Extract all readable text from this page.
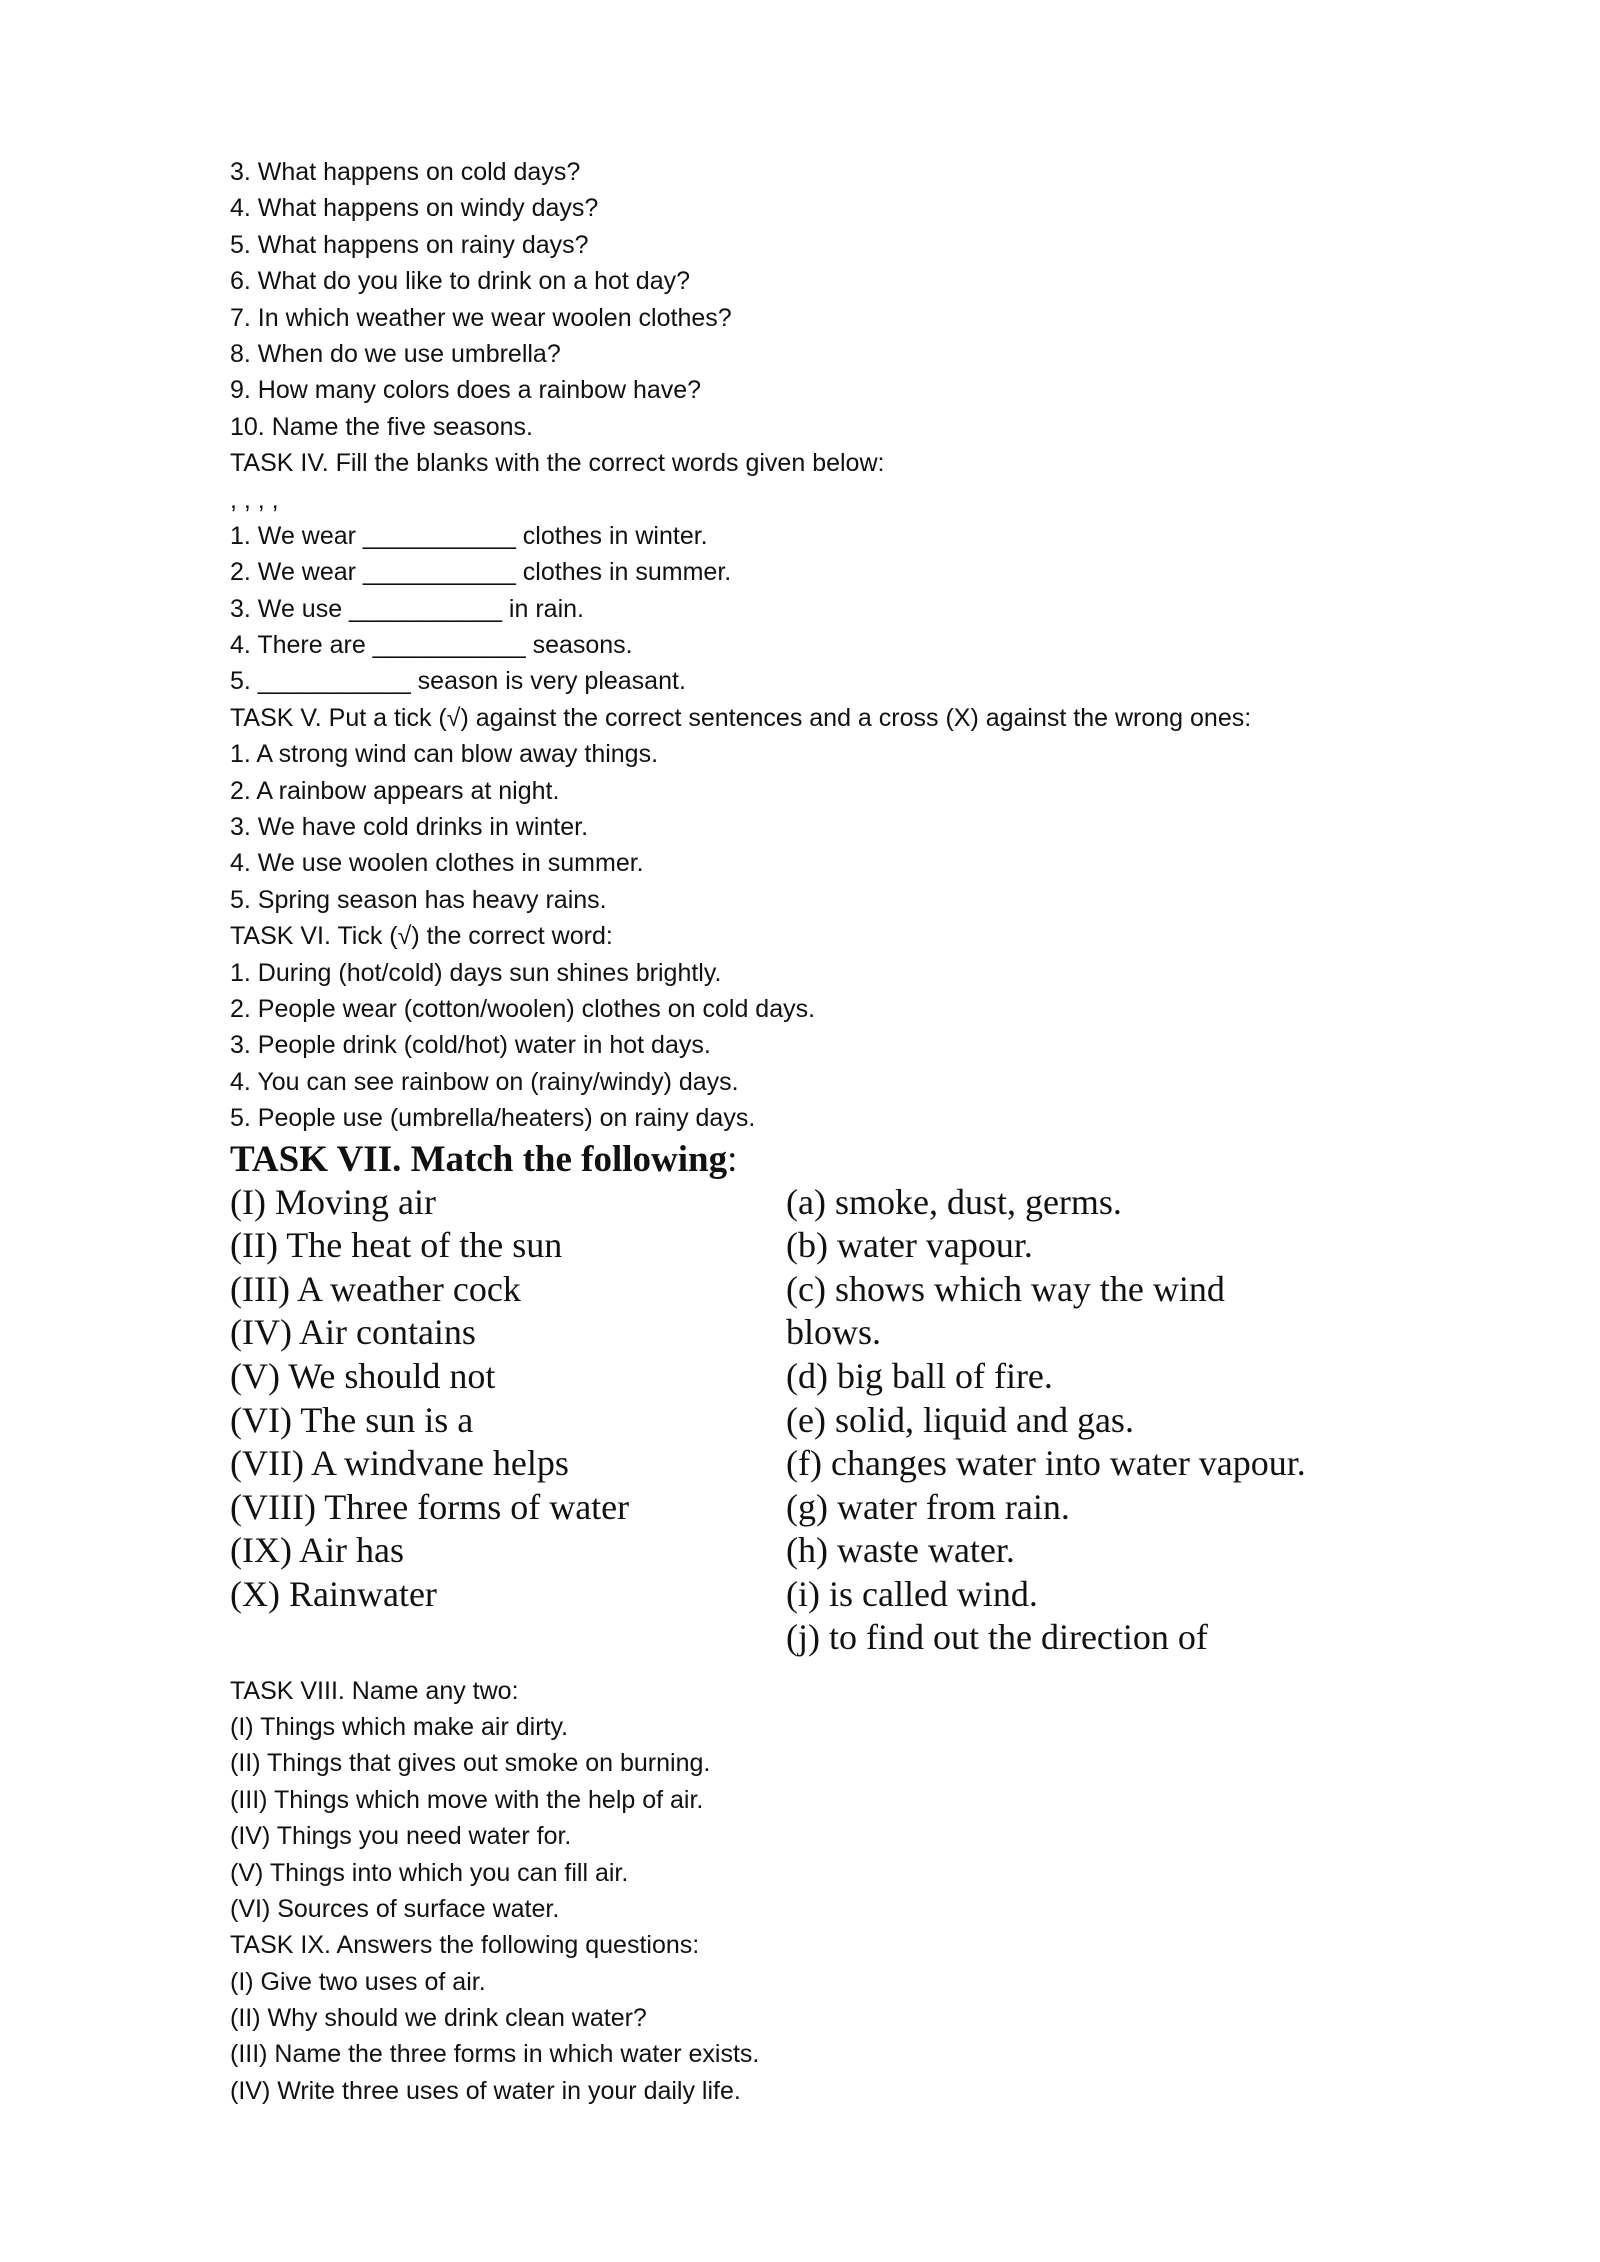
3. What happens on cold days?
4. What happens on windy days?
5. What happens on rainy days?
6. What do you like to drink on a hot day?
7. In which weather we wear woolen clothes?
8. When do we use umbrella?
9. How many colors does a rainbow have?
10. Name the five seasons.
TASK IV. Fill the blanks with the correct words given below:
, , , ,
1. We wear ___________ clothes in winter.
2. We wear ___________ clothes in summer.
3. We use ___________ in rain.
4. There are ___________ seasons.
5. ___________ season is very pleasant.
TASK V. Put a tick (√) against the correct sentences and a cross (X) against the wrong ones:
1. A strong wind can blow away things.
2. A rainbow appears at night.
3. We have cold drinks in winter.
4. We use woolen clothes in summer.
5. Spring season has heavy rains.
TASK VI. Tick (√) the correct word:
1. During (hot/cold) days sun shines brightly.
2. People wear (cotton/woolen) clothes on cold days.
3. People drink (cold/hot) water in hot days.
4. You can see rainbow on (rainy/windy) days.
5. People use (umbrella/heaters) on rainy days.
TASK VII. Match the following:
(I) Moving air
(II) The heat of the sun
(III) A weather cock
(IV) Air contains
(V) We should not
(VI) The sun is a
(VII) A windvane helps
(VIII) Three forms of water
(IX) Air has
(X) Rainwater
(a) smoke, dust, germs.
(b) water vapour.
(c) shows which way the wind
blows.
(d) big ball of fire.
(e) solid, liquid and gas.
(f) changes water into water vapour.
(g) water from rain.
(h) waste water.
(i) is called wind.
(j) to find out the direction of
TASK VIII. Name any two:
(I) Things which make air dirty.
(II) Things that gives out smoke on burning.
(III) Things which move with the help of air.
(IV) Things you need water for.
(V) Things into which you can fill air.
(VI) Sources of surface water.
TASK IX. Answers the following questions:
(I) Give two uses of air.
(II) Why should we drink clean water?
(III) Name the three forms in which water exists.
(IV) Write three uses of water in your daily life.
